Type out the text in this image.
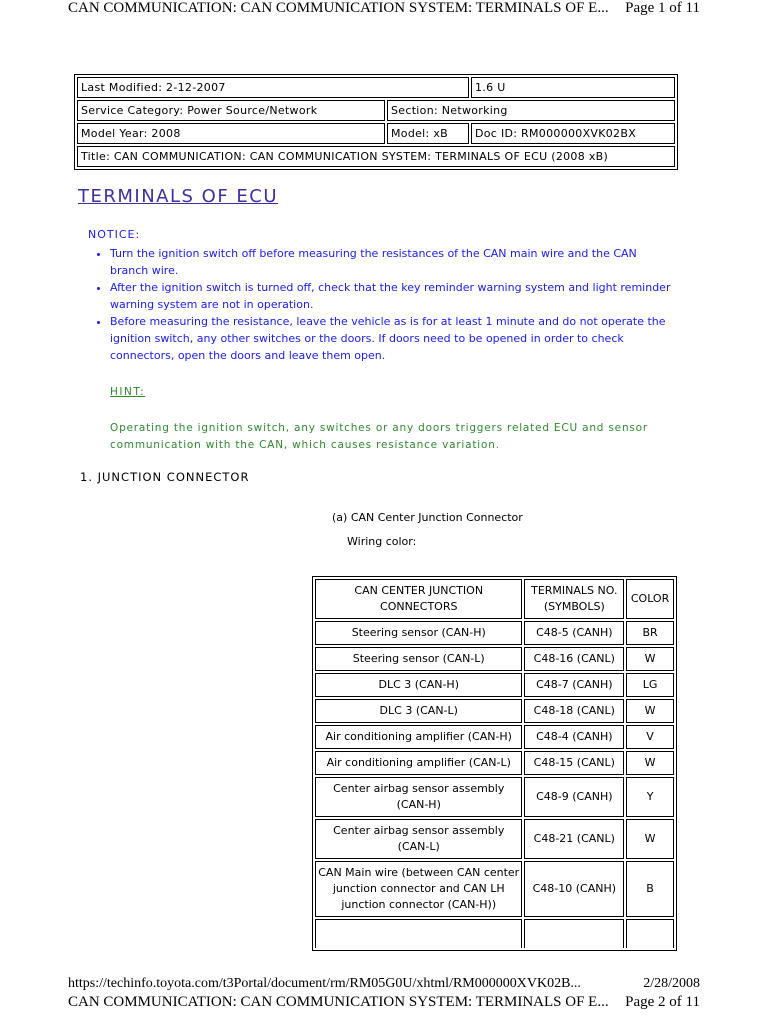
CAN COMMUNICATION: CAN COMMUNICATION SYSTEM: TERMINALS OF E... Page 1 of 11
Last Modified: 2-12-2007		1.6 U
Service Category: Power Source/Network	Section: Networking	
Model Year: 2008	Model: xB	Doc ID: RM000000XVK02BX
Title: CAN COMMUNICATION: CAN COMMUNICATION SYSTEM: TERMINALS OF ECU (2008 xB)		
TERMINALS OF ECU
NOTICE:
• Turn the ignition switch off before measuring the resistances of the CAN main wire and the CAN branch wire.
• After the ignition switch is turned off, check that the key reminder warning system and light reminder warning system are not in operation.
• Before measuring the resistance, leave the vehicle as is for at least 1 minute and do not operate the ignition switch, any other switches or the doors. If doors need to be opened in order to check connectors, open the doors and leave them open.
HINT:
Operating the ignition switch, any switches or any doors triggers related ECU and sensor communication with the CAN, which causes resistance variation.
1. JUNCTION CONNECTOR
(a) CAN Center Junction Connector
Wiring color:
CAN CENTER JUNCTION CONNECTORS	TERMINALS NO. (SYMBOLS)	COLOR
Steering sensor (CAN-H)	C48-5 (CANH)	BR
Steering sensor (CAN-L)	C48-16 (CANL)	W
DLC 3 (CAN-H)	C48-7 (CANH)	LG
DLC 3 (CAN-L)	C48-18 (CANL)	W
Air conditioning amplifier (CAN-H)	C48-4 (CANH)	V
Air conditioning amplifier (CAN-L)	C48-15 (CANL)	W
Center airbag sensor assembly (CAN-H)	C48-9 (CANH)	Y
Center airbag sensor assembly (CAN-L)	C48-21 (CANL)	W
CAN Main wire (between CAN center junction connector and CAN LH junction connector (CAN-H))	C48-10 (CANH)	B

https://techinfo.toyota.com/t3Portal/document/rm/RM05G0U/xhtml/RM000000XVK02B...	2/28/2008
CAN COMMUNICATION: CAN COMMUNICATION SYSTEM: TERMINALS OF E... Page 2 of 11
